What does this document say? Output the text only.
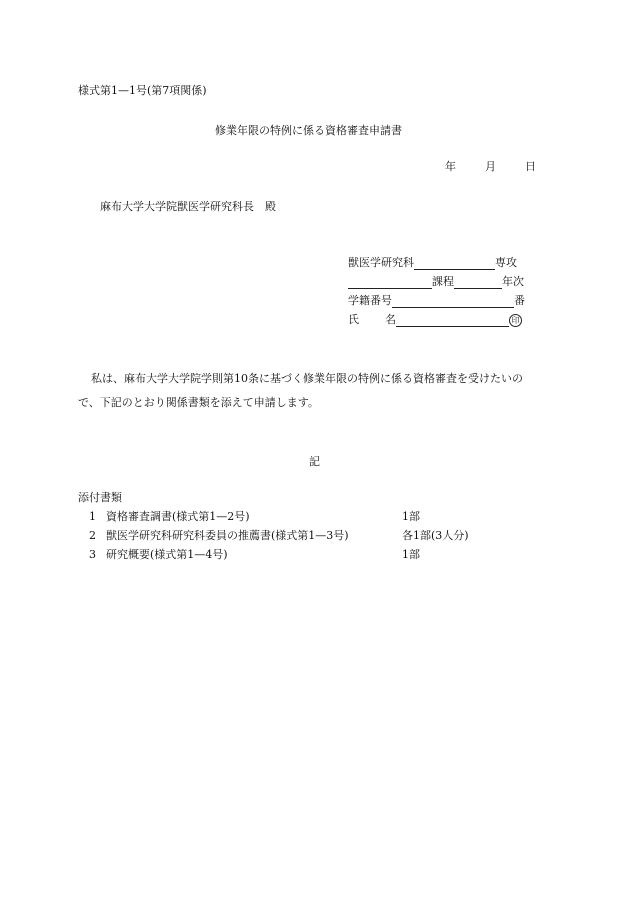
様式第1—1号(第7項関係)
修業年限の特例に係る資格審査申請書
年	月	日
麻布大学大学院獣医学研究科長　殿
獣医学研究科	専攻
課程	年次
学籍番号	番
氏 名	印
私は、麻布大学大学院学則第10条に基づく修業年限の特例に係る資格審査を受けたいの
で、下記のとおり関係書類を添えて申請します。
記
添付書類
1 資格審査調書(様式第1—2号)	1部
2 獣医学研究科研究科委員の推薦書(様式第1—3号)	各1部(3人分)
3 研究概要(様式第1—4号)	1部
